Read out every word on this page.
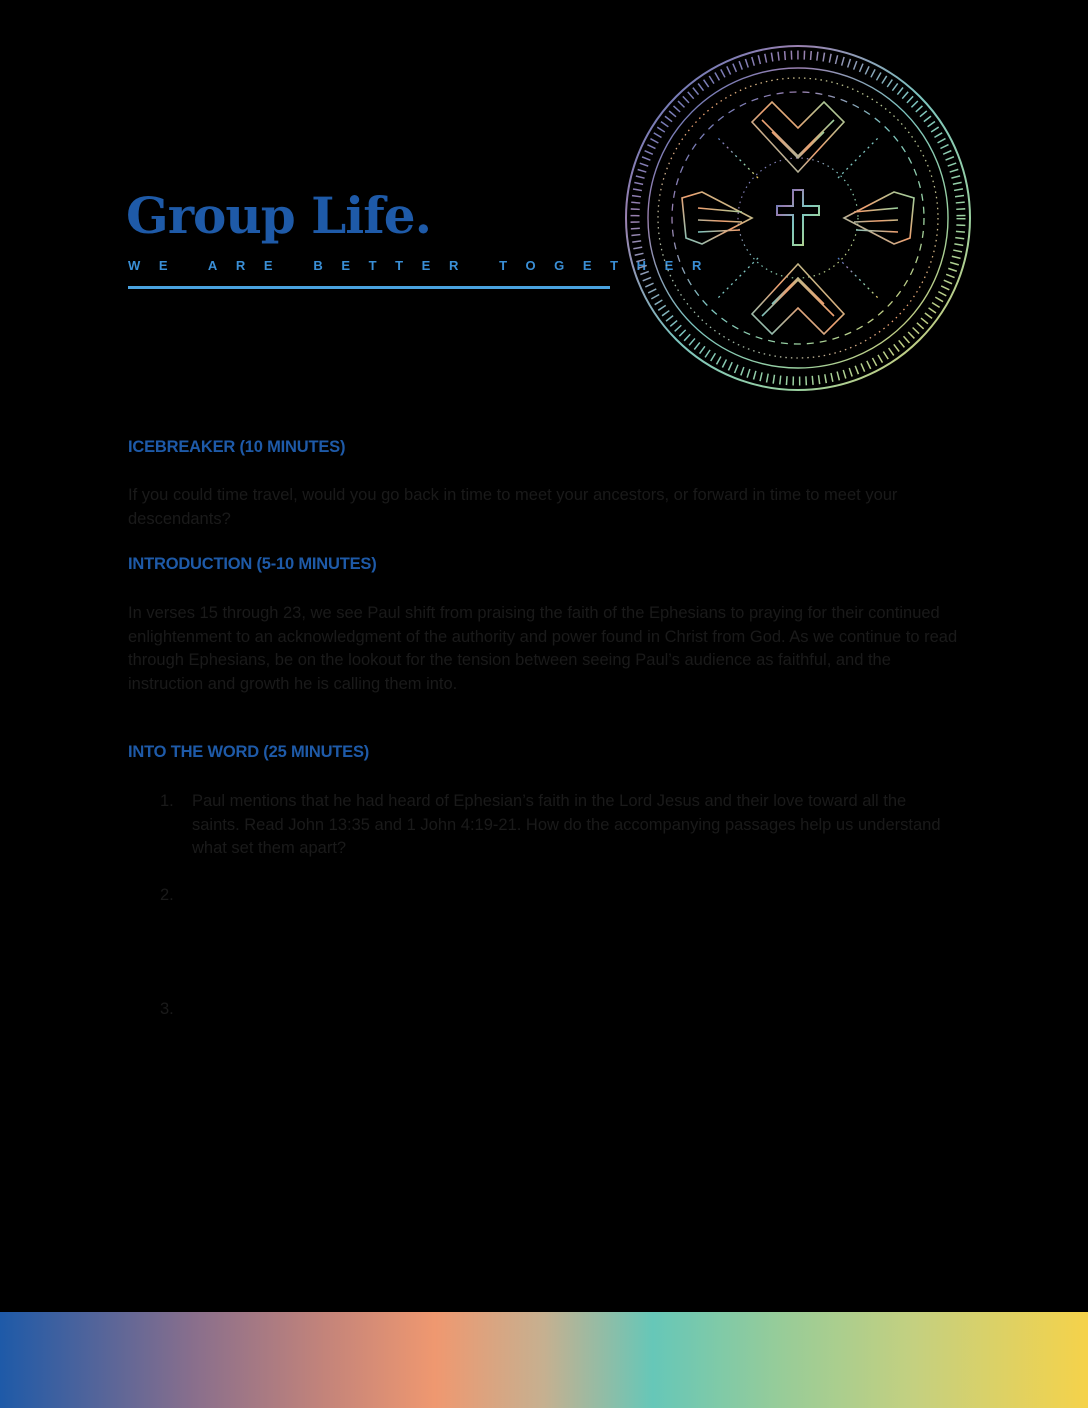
Group Life.
WE ARE BETTER TOGETHER
ICEBREAKER (10 MINUTES)

If you could time travel, would you go back in time to meet your ancestors, or forward in time to meet your descendants?

INTRODUCTION (5-10 MINUTES)

In verses 15 through 23, we see Paul shift from praising the faith of the Ephesians to praying for their continued enlightenment to an acknowledgment of the authority and power found in Christ from God. As we continue to read through Ephesians, be on the lookout for the tension between seeing Paul’s audience as faithful, and the instruction and growth he is calling them into.

INTO THE WORD (25 MINUTES)

1. Paul mentions that he had heard of Ephesian’s faith in the Lord Jesus and their love toward all the saints. Read John 13:35 and 1 John 4:19-21. How do the accompanying passages help us understand what set them apart?

2.

3.
